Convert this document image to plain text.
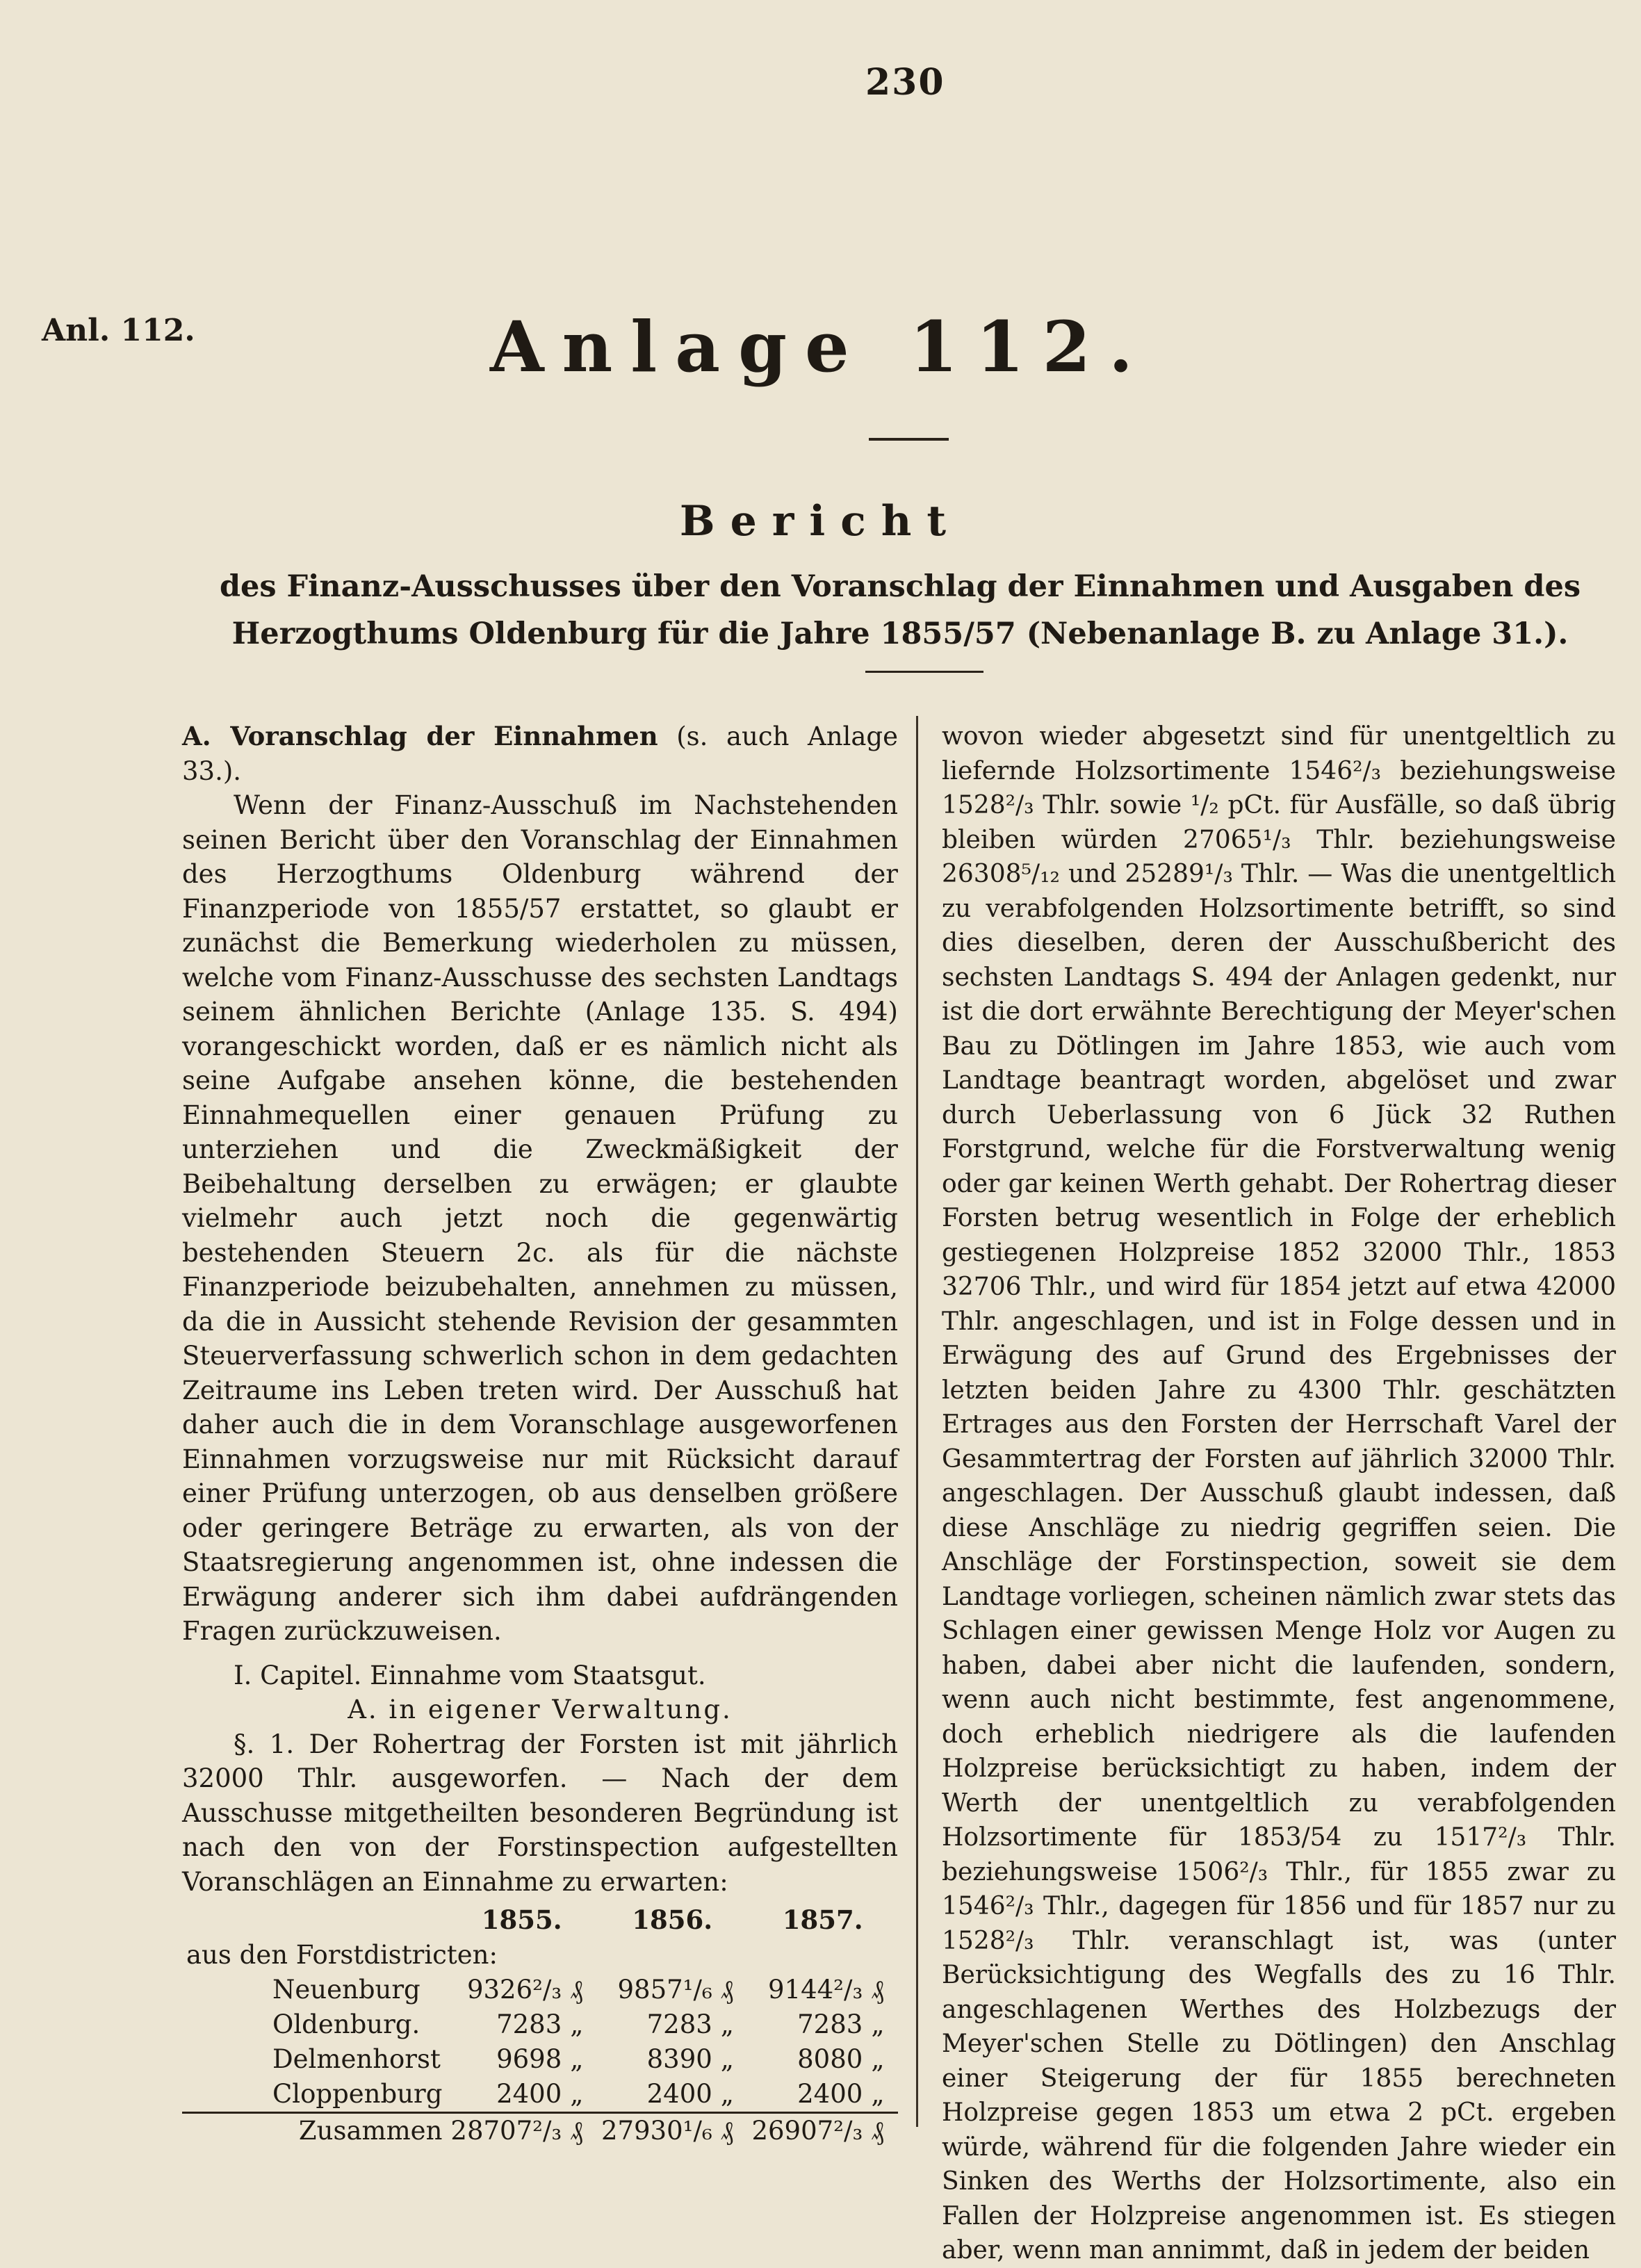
230
Anl. 112.	Anlage 112.
Bericht
des Finanz-Ausschusses über den Voranschlag der Einnahmen und Ausgaben des Herzogthums Oldenburg für die Jahre 1855/57 (Nebenanlage B. zu Anlage 31.).

A. Voranschlag der Einnahmen (s. auch Anlage 33.).

Wenn der Finanz-Ausschuß im Nachstehenden seinen Bericht über den Voranschlag der Einnahmen des Herzogthums Oldenburg während der Finanzperiode von 1855/57 erstattet, so glaubt er zunächst die Bemerkung wiederholen zu müssen, welche vom Finanz-Ausschusse des sechsten Landtags seinem ähnlichen Berichte (Anlage 135. S. 494) vorangeschickt worden, daß er es nämlich nicht als seine Aufgabe ansehen könne, die bestehenden Einnahmequellen einer genauen Prüfung zu unterziehen und die Zweckmäßigkeit der Beibehaltung derselben zu erwägen; er glaubte vielmehr auch jetzt noch die gegenwärtig bestehenden Steuern 2c. als für die nächste Finanzperiode beizubehalten, annehmen zu müssen, da die in Aussicht stehende Revision der gesammten Steuerverfassung schwerlich schon in dem gedachten Zeitraume ins Leben treten wird. Der Ausschuß hat daher auch die in dem Voranschlage ausgeworfenen Einnahmen vorzugsweise nur mit Rücksicht darauf einer Prüfung unterzogen, ob aus denselben größere oder geringere Beträge zu erwarten, als von der Staatsregierung angenommen ist, ohne indessen die Erwägung anderer sich ihm dabei aufdrängenden Fragen zurückzuweisen.

I. Capitel. Einnahme vom Staatsgut.

A. in eigener Verwaltung.

§. 1. Der Rohertrag der Forsten ist mit jährlich 32000 Thlr. ausgeworfen. — Nach der dem Ausschusse mitgetheilten besonderen Begründung ist nach den von der Forstinspection aufgestellten Voranschlägen an Einnahme zu erwarten:

	1855.		1856.		1857.	
aus den Forstdistricten:						
Neuenburg	9326²/₃	₰	9857¹/₆	₰	9144²/₃	₰
Oldenburg.	7283	„	7283	„	7283	„
Delmenhorst	9698	„	8390	„	8080	„
Cloppenburg	2400	„	2400	„	2400	„
Zusammen	28707²/₃	₰	27930¹/₆	₰	26907²/₃	₰

wovon wieder abgesetzt sind für unentgeltlich zu liefernde Holzsortimente 1546²/₃ beziehungsweise 1528²/₃ Thlr. sowie ¹/₂ pCt. für Ausfälle, so daß übrig bleiben würden 27065¹/₃ Thlr. beziehungsweise 26308⁵/₁₂ und 25289¹/₃ Thlr. — Was die unentgeltlich zu verabfolgenden Holzsortimente betrifft, so sind dies dieselben, deren der Ausschußbericht des sechsten Landtags S. 494 der Anlagen gedenkt, nur ist die dort erwähnte Berechtigung der Meyer'schen Bau zu Dötlingen im Jahre 1853, wie auch vom Landtage beantragt worden, abgelöset und zwar durch Ueberlassung von 6 Jück 32 Ruthen Forstgrund, welche für die Forstverwaltung wenig oder gar keinen Werth gehabt. Der Rohertrag dieser Forsten betrug wesentlich in Folge der erheblich gestiegenen Holzpreise 1852 32000 Thlr., 1853 32706 Thlr., und wird für 1854 jetzt auf etwa 42000 Thlr. angeschlagen, und ist in Folge dessen und in Erwägung des auf Grund des Ergebnisses der letzten beiden Jahre zu 4300 Thlr. geschätzten Ertrages aus den Forsten der Herrschaft Varel der Gesammtertrag der Forsten auf jährlich 32000 Thlr. angeschlagen. Der Ausschuß glaubt indessen, daß diese Anschläge zu niedrig gegriffen seien. Die Anschläge der Forstinspection, soweit sie dem Landtage vorliegen, scheinen nämlich zwar stets das Schlagen einer gewissen Menge Holz vor Augen zu haben, dabei aber nicht die laufenden, sondern, wenn auch nicht bestimmte, fest angenommene, doch erheblich niedrigere als die laufenden Holzpreise berücksichtigt zu haben, indem der Werth der unentgeltlich zu verabfolgenden Holzsortimente für 1853/54 zu 1517²/₃ Thlr. beziehungsweise 1506²/₃ Thlr., für 1855 zwar zu 1546²/₃ Thlr., dagegen für 1856 und für 1857 nur zu 1528²/₃ Thlr. veranschlagt ist, was (unter Berücksichtigung des Wegfalls des zu 16 Thlr. angeschlagenen Werthes des Holzbezugs der Meyer'schen Stelle zu Dötlingen) den Anschlag einer Steigerung der für 1855 berechneten Holzpreise gegen 1853 um etwa 2 pCt. ergeben würde, während für die folgenden Jahre wieder ein Sinken des Werths der Holzsortimente, also ein Fallen der Holzpreise angenommen ist. Es stiegen aber, wenn man annimmt, daß in jedem der beiden
